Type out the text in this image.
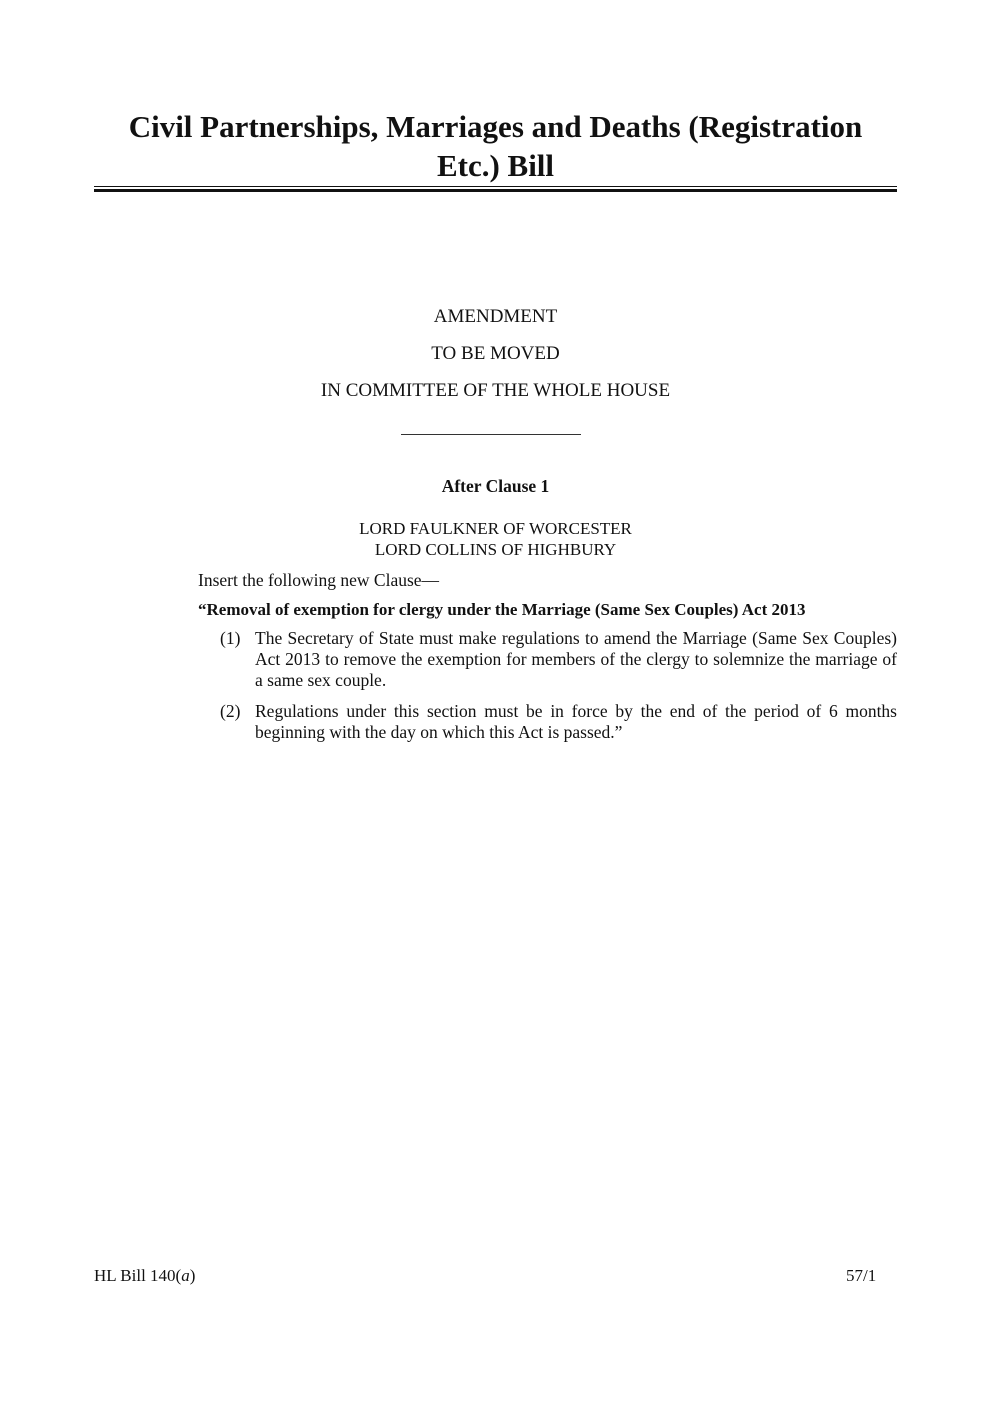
Civil Partnerships, Marriages and Deaths (Registration Etc.) Bill
AMENDMENT
TO BE MOVED
IN COMMITTEE OF THE WHOLE HOUSE
After Clause 1
LORD FAULKNER OF WORCESTER
LORD COLLINS OF HIGHBURY
Insert the following new Clause—
“Removal of exemption for clergy under the Marriage (Same Sex Couples) Act 2013
(1) The Secretary of State must make regulations to amend the Marriage (Same Sex Couples) Act 2013 to remove the exemption for members of the clergy to solemnize the marriage of a same sex couple.
(2) Regulations under this section must be in force by the end of the period of 6 months beginning with the day on which this Act is passed.”
HL Bill 140(a)	57/1
